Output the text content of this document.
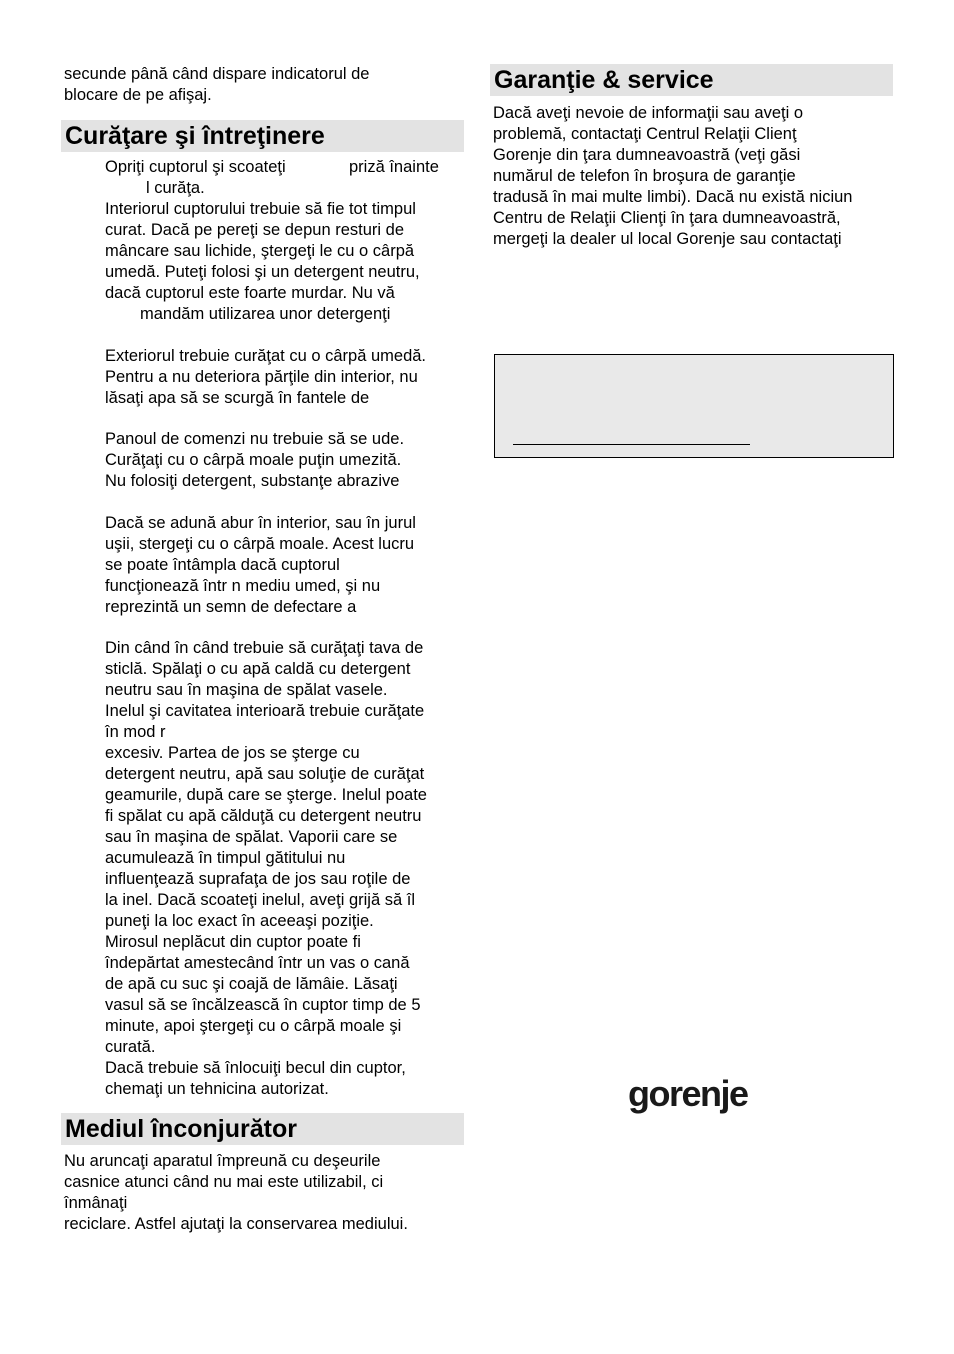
secunde până când dispare indicatorul de

blocare de pe afişaj.

Curăţare şi întreţinere

Opriţi cuptorul şi scoateţi	priză înainte

l curăţa.

Interiorul cuptorului trebuie să fie tot timpul

curat. Dacă pe pereţi se depun resturi de

mâncare sau lichide, ştergeţi le cu o cârpă

umedă. Puteţi folosi şi un detergent neutru,

dacă cuptorul este foarte murdar. Nu vă

mandăm utilizarea unor detergenţi

Exteriorul trebuie curăţat cu o cârpă umedă.

Pentru a nu deteriora părţile din interior, nu

lăsaţi apa să se scurgă în fantele de

Panoul de comenzi nu trebuie să se ude.

Curăţaţi cu o cârpă moale puţin umezită.

Nu folosiţi detergent, substanţe abrazive

Dacă se adună abur în interior, sau în jurul

uşii, stergeţi cu o cârpă moale. Acest lucru

se poate întâmpla dacă cuptorul

funcţionează într n mediu umed, şi nu

reprezintă un semn de defectare a

Din când în când trebuie să curăţaţi tava de

sticlă. Spălaţi o cu apă caldă cu detergent

neutru sau în maşina de spălat vasele.

Inelul şi cavitatea interioară trebuie curăţate

în mod r

excesiv. Partea de jos se şterge cu

detergent neutru, apă sau soluţie de curăţat

geamurile, după care se şterge. Inelul poate

fi spălat cu apă călduţă cu detergent neutru

sau în maşina de spălat. Vaporii care se

acumulează în timpul gătitului nu

influenţează suprafaţa de jos sau roţile de

la inel. Dacă scoateţi inelul, aveţi grijă să îl

puneţi la loc exact în aceeaşi poziţie.

Mirosul neplăcut din cuptor poate fi

îndepărtat amestecând într un vas o cană

de apă cu suc şi coajă de lămâie. Lăsaţi

vasul să se încălzească în cuptor timp de 5

minute, apoi ştergeţi cu o cârpă moale şi

curată.

Dacă trebuie să înlocuiţi becul din cuptor,

chemaţi un tehnicina autorizat.

Mediul înconjurător

Nu aruncaţi aparatul împreună cu deşeurile

casnice atunci când nu mai este utilizabil, ci

înmânaţi

reciclare. Astfel ajutaţi la conservarea mediului.

Garanţie & service

Dacă aveţi nevoie de informaţii sau aveţi o

problemă, contactaţi Centrul Relaţii Clienţ

Gorenje din ţara dumneavoastră (veţi găsi

numărul de telefon în broşura de garanţie

tradusă în mai multe limbi). Dacă nu există niciun

Centru de Relaţii Clienţi în ţara dumneavoastră,

mergeţi la dealer ul local Gorenje sau contactaţi

gorenje
